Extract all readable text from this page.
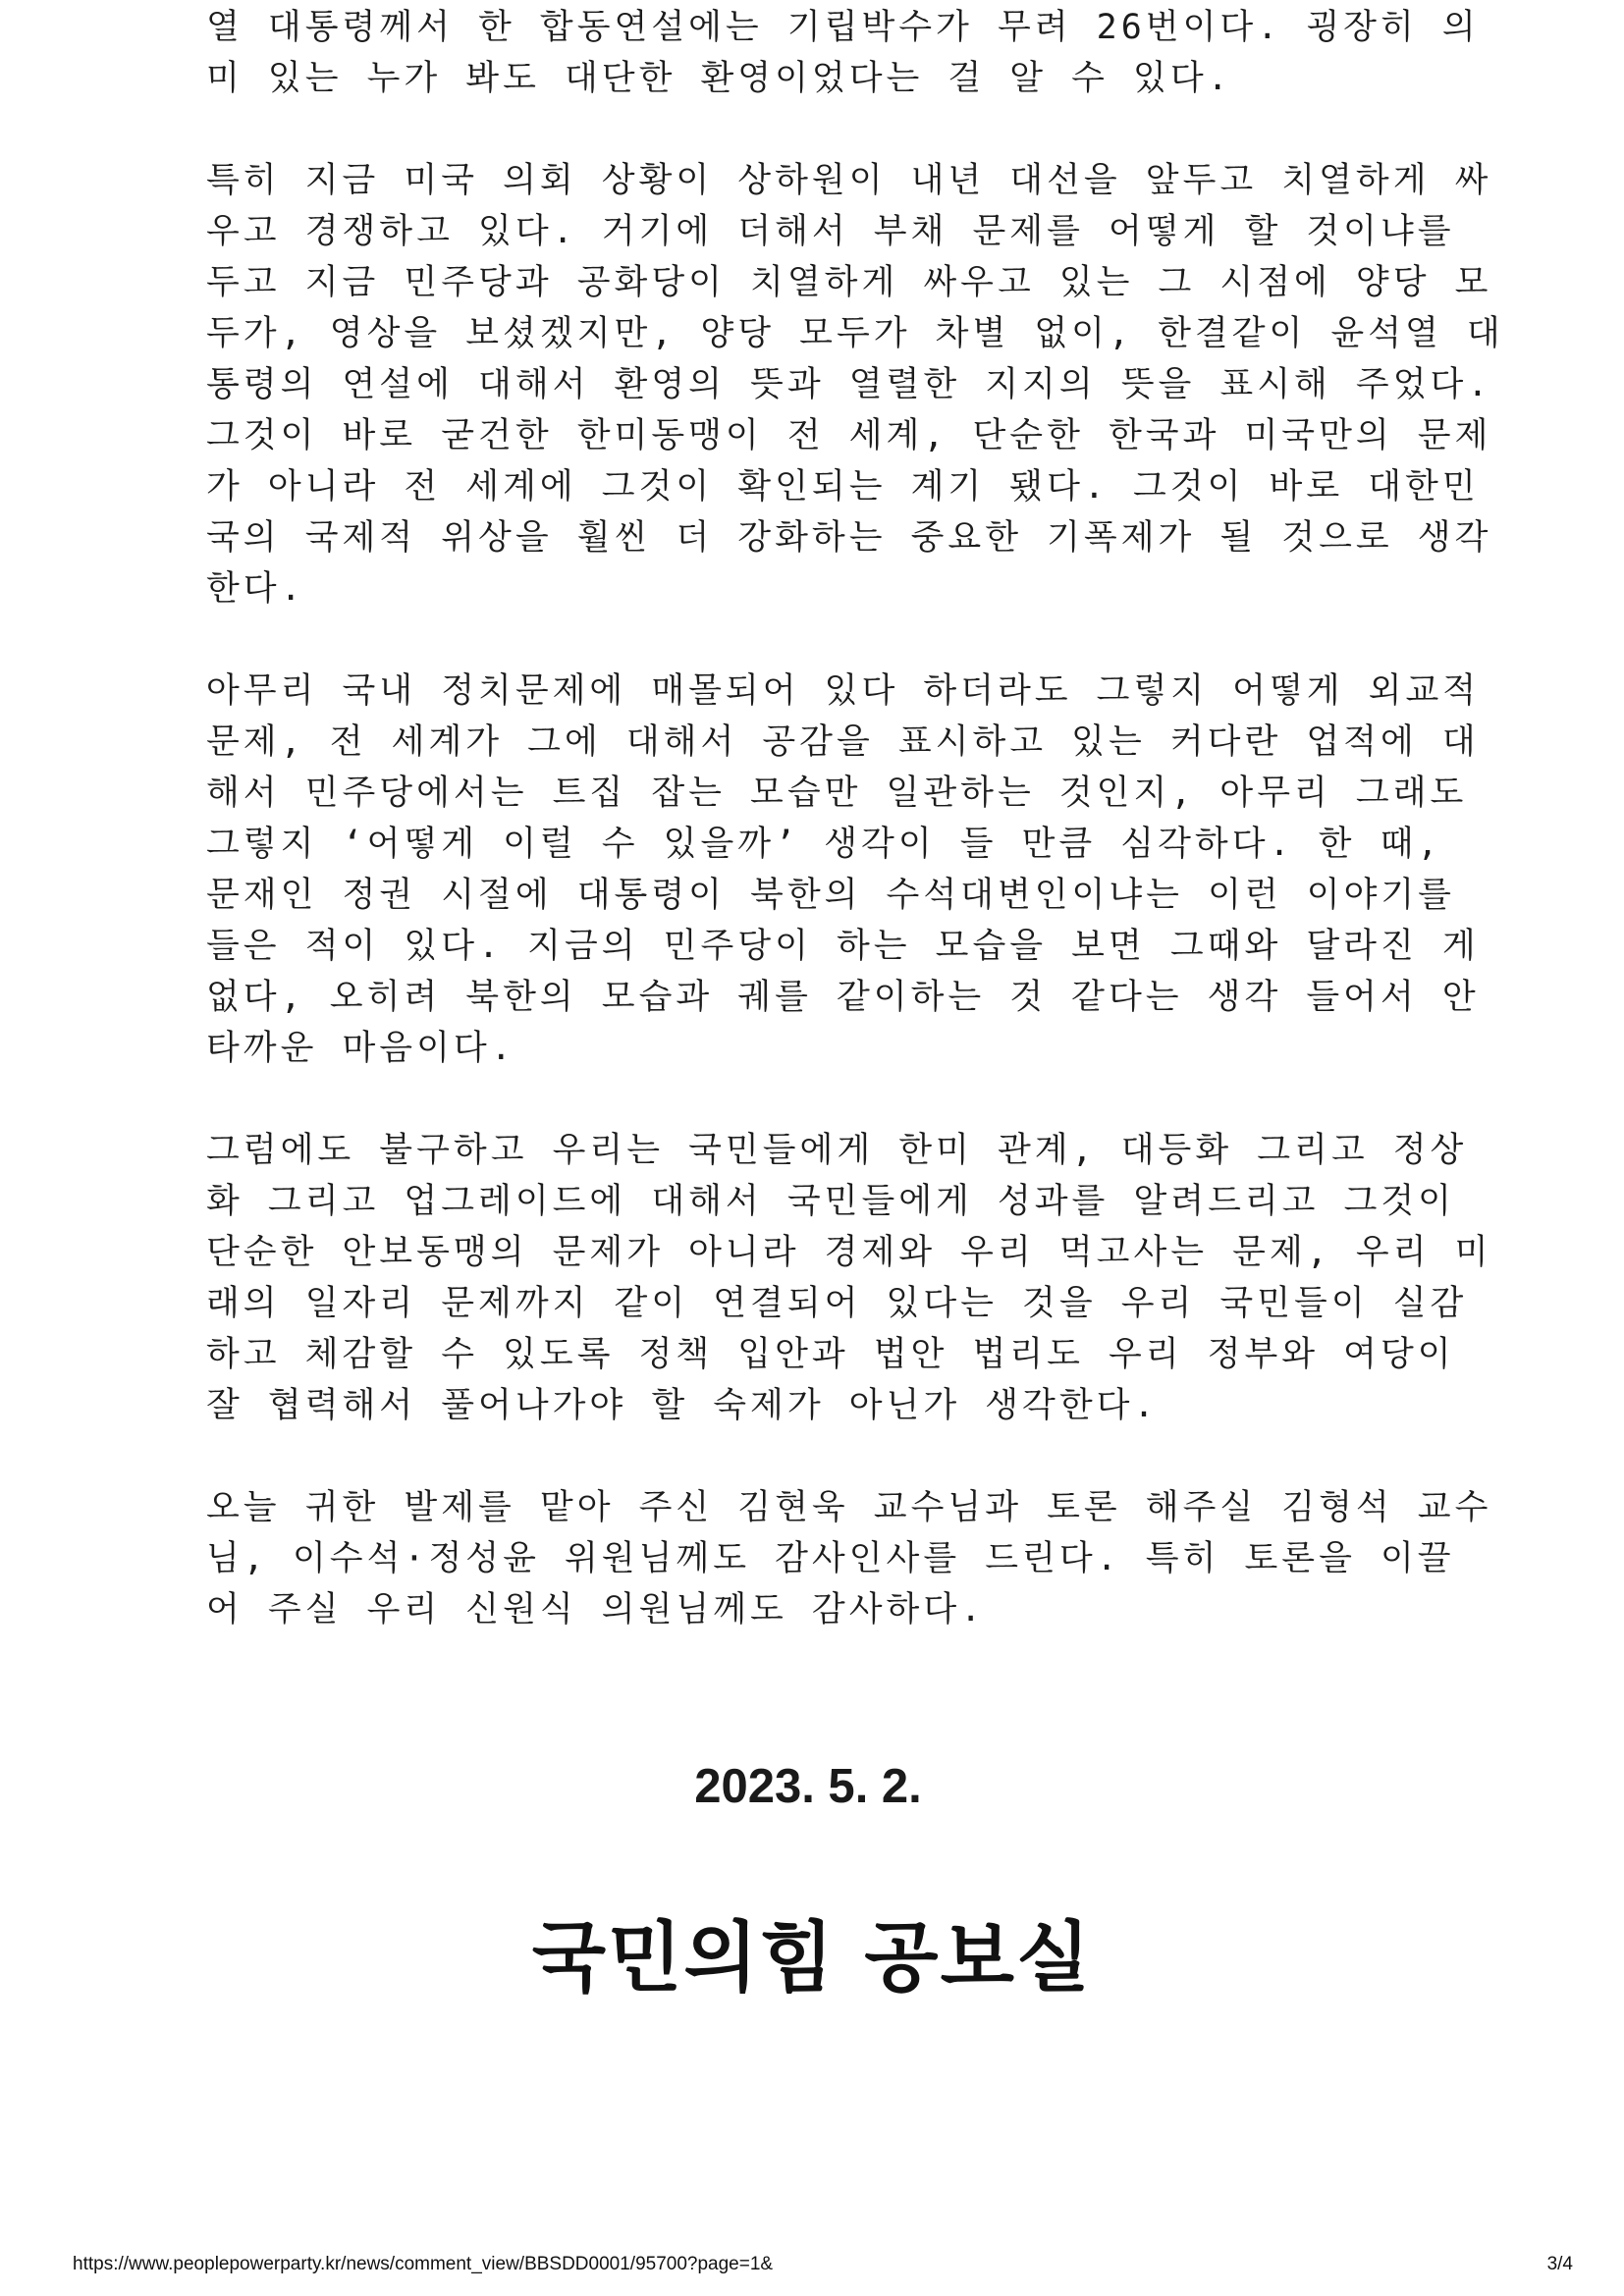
열 대통령께서 한 합동연설에는 기립박수가 무려 26번이다. 굉장히 의
미 있는 누가 봐도 대단한 환영이었다는 걸 알 수 있다.
특히 지금 미국 의회 상황이 상하원이 내년 대선을 앞두고 치열하게 싸
우고 경쟁하고 있다. 거기에 더해서 부채 문제를 어떻게 할 것이냐를
두고 지금 민주당과 공화당이 치열하게 싸우고 있는 그 시점에 양당 모
두가, 영상을 보셨겠지만, 양당 모두가 차별 없이, 한결같이 윤석열 대
통령의 연설에 대해서 환영의 뜻과 열렬한 지지의 뜻을 표시해 주었다.
그것이 바로 굳건한 한미동맹이 전 세계, 단순한 한국과 미국만의 문제
가 아니라 전 세계에 그것이 확인되는 계기 됐다. 그것이 바로 대한민
국의 국제적 위상을 훨씬 더 강화하는 중요한 기폭제가 될 것으로 생각
한다.
아무리 국내 정치문제에 매몰되어 있다 하더라도 그렇지 어떻게 외교적
문제, 전 세계가 그에 대해서 공감을 표시하고 있는 커다란 업적에 대
해서 민주당에서는 트집 잡는 모습만 일관하는 것인지, 아무리 그래도
그렇지 ‘어떻게 이럴 수 있을까’ 생각이 들 만큼 심각하다. 한 때,
문재인 정권 시절에 대통령이 북한의 수석대변인이냐는 이런 이야기를
들은 적이 있다. 지금의 민주당이 하는 모습을 보면 그때와 달라진 게
없다, 오히려 북한의 모습과 궤를 같이하는 것 같다는 생각 들어서 안
타까운 마음이다.
그럼에도 불구하고 우리는 국민들에게 한미 관계, 대등화 그리고 정상
화 그리고 업그레이드에 대해서 국민들에게 성과를 알려드리고 그것이
단순한 안보동맹의 문제가 아니라 경제와 우리 먹고사는 문제, 우리 미
래의 일자리 문제까지 같이 연결되어 있다는 것을 우리 국민들이 실감
하고 체감할 수 있도록 정책 입안과 법안 법리도 우리 정부와 여당이
잘 협력해서 풀어나가야 할 숙제가 아닌가 생각한다.
오늘 귀한 발제를 맡아 주신 김현욱 교수님과 토론 해주실 김형석 교수
님, 이수석·정성윤 위원님께도 감사인사를 드린다. 특히 토론을 이끌
어 주실 우리 신원식 의원님께도 감사하다.
2023. 5. 2.
국민의힘 공보실
https://www.peoplepowerparty.kr/news/comment_view/BBSDD0001/95700?page=1&	3/4
